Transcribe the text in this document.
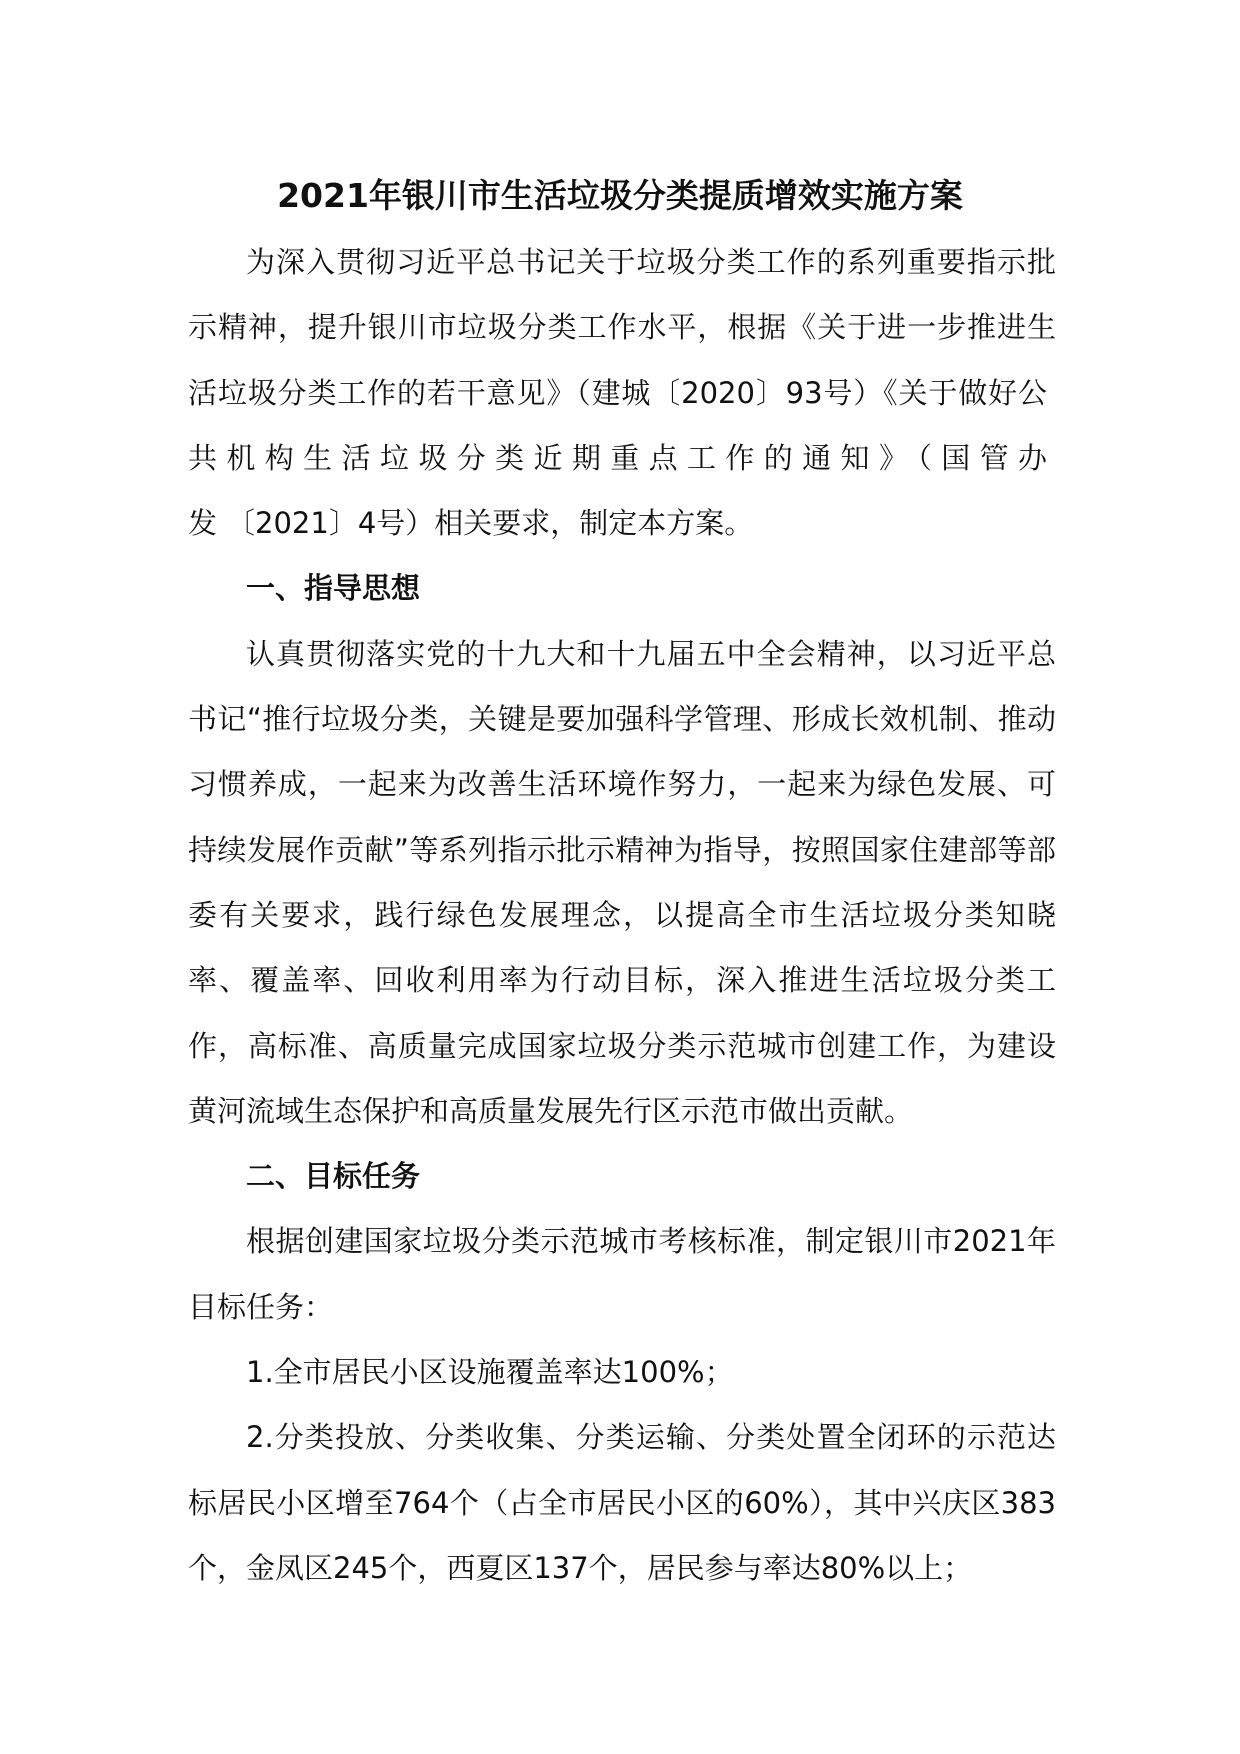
2021年银川市生活垃圾分类提质增效实施方案

为深入贯彻习近平总书记关于垃圾分类工作的系列重要指示批示精神，提升银川市垃圾分类工作水平，根据《关于进一步推进生活垃圾分类工作的若干意见》（建城〔2020〕93号）《关于做好公共机构生活垃圾分类近期重点工作的通知》（国管办发〔2021〕4号）相关要求，制定本方案。

一、指导思想

认真贯彻落实党的十九大和十九届五中全会精神，以习近平总书记“推行垃圾分类，关键是要加强科学管理、形成长效机制、推动习惯养成，一起来为改善生活环境作努力，一起来为绿色发展、可持续发展作贡献”等系列指示批示精神为指导，按照国家住建部等部委有关要求，践行绿色发展理念，以提高全市生活垃圾分类知晓率、覆盖率、回收利用率为行动目标，深入推进生活垃圾分类工作，高标准、高质量完成国家垃圾分类示范城市创建工作，为建设黄河流域生态保护和高质量发展先行区示范市做出贡献。

二、目标任务

根据创建国家垃圾分类示范城市考核标准，制定银川市2021年目标任务：

1.全市居民小区设施覆盖率达100%；

2.分类投放、分类收集、分类运输、分类处置全闭环的示范达标居民小区增至764个（占全市居民小区的60%），其中兴庆区383个，金凤区245个，西夏区137个，居民参与率达80%以上；
